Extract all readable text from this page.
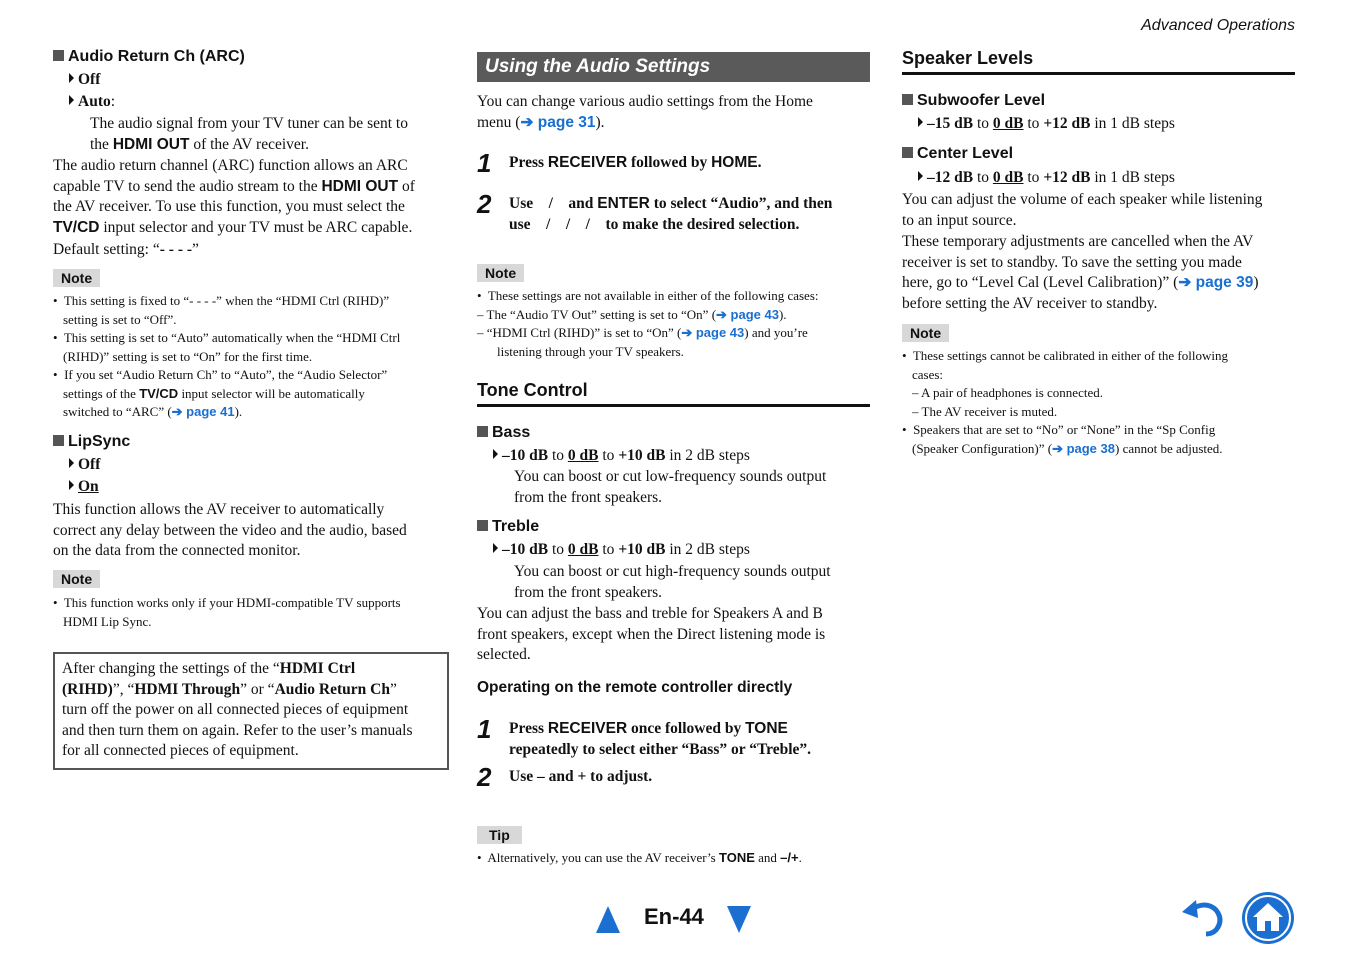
Advanced Operations
Audio Return Ch (ARC)
Off
Auto:
The audio signal from your TV tuner can be sent to
the HDMI OUT of the AV receiver.
The audio return channel (ARC) function allows an ARC
capable TV to send the audio stream to the HDMI OUT of
the AV receiver. To use this function, you must select the
TV/CD input selector and your TV must be ARC capable.
Default setting: “- - - -”
Note
•  This setting is fixed to “- - - -” when the “HDMI Ctrl (RIHD)”
setting is set to “Off”.
•  This setting is set to “Auto” automatically when the “HDMI Ctrl
(RIHD)” setting is set to “On” for the first time.
•  If you set “Audio Return Ch” to “Auto”, the “Audio Selector”
settings of the TV/CD input selector will be automatically
switched to “ARC” (➔ page 41).
LipSync
Off
On
This function allows the AV receiver to automatically
correct any delay between the video and the audio, based
on the data from the connected monitor.
Note
•  This function works only if your HDMI-compatible TV supports
HDMI Lip Sync.
After changing the settings of the “HDMI Ctrl
(RIHD)”, “HDMI Through” or “Audio Return Ch”
turn off the power on all connected pieces of equipment
and then turn them on again. Refer to the user’s manuals
for all connected pieces of equipment.
Using the Audio Settings
You can change various audio settings from the Home
menu (➔ page 31).
1 Press RECEIVER followed by HOME.
2 Use    /    and ENTER to select “Audio”, and then
use    /    /    /    to make the desired selection.
Note
•  These settings are not available in either of the following cases:
– The “Audio TV Out” setting is set to “On” (➔ page 43).
– “HDMI Ctrl (RIHD)” is set to “On” (➔ page 43) and you’re
listening through your TV speakers.
Tone Control
Bass
–10 dB to 0 dB to +10 dB in 2 dB steps
You can boost or cut low-frequency sounds output
from the front speakers.
Treble
–10 dB to 0 dB to +10 dB in 2 dB steps
You can boost or cut high-frequency sounds output
from the front speakers.
You can adjust the bass and treble for Speakers A and B
front speakers, except when the Direct listening mode is
selected.
Operating on the remote controller directly
1 Press RECEIVER once followed by TONE
repeatedly to select either “Bass” or “Treble”.
2 Use – and + to adjust.
Tip
•  Alternatively, you can use the AV receiver’s TONE and –/+.
Speaker Levels
Subwoofer Level
–15 dB to 0 dB to +12 dB in 1 dB steps
Center Level
–12 dB to 0 dB to +12 dB in 1 dB steps
You can adjust the volume of each speaker while listening
to an input source.
These temporary adjustments are cancelled when the AV
receiver is set to standby. To save the setting you made
here, go to “Level Cal (Level Calibration)” (➔ page 39)
before setting the AV receiver to standby.
Note
•  These settings cannot be calibrated in either of the following
cases:
– A pair of headphones is connected.
– The AV receiver is muted.
•  Speakers that are set to “No” or “None” in the “Sp Config
(Speaker Configuration)” (➔ page 38) cannot be adjusted.
En-44
